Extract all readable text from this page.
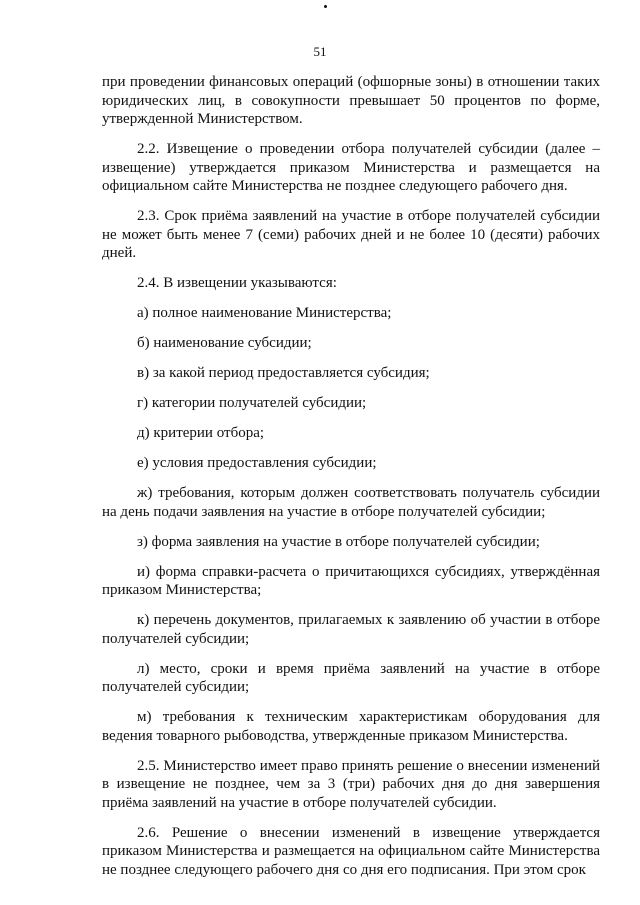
51

при проведении финансовых операций (офшорные зоны) в отношении таких юридических лиц, в совокупности превышает 50 процентов по форме, утвержденной Министерством.

2.2. Извещение о проведении отбора получателей субсидии (далее – извещение) утверждается приказом Министерства и размещается на официальном сайте Министерства не позднее следующего рабочего дня.

2.3. Срок приёма заявлений на участие в отборе получателей субсидии не может быть менее 7 (семи) рабочих дней и не более 10 (десяти) рабочих дней.

2.4. В извещении указываются:

а) полное наименование Министерства;

б) наименование субсидии;

в) за какой период предоставляется субсидия;

г) категории получателей субсидии;

д) критерии отбора;

е) условия предоставления субсидии;

ж) требования, которым должен соответствовать получатель субсидии на день подачи заявления на участие в отборе получателей субсидии;

з) форма заявления на участие в отборе получателей субсидии;

и) форма справки-расчета о причитающихся субсидиях, утверждённая приказом Министерства;

к) перечень документов, прилагаемых к заявлению об участии в отборе получателей субсидии;

л) место, сроки и время приёма заявлений на участие в отборе получателей субсидии;

м) требования к техническим характеристикам оборудования для ведения товарного рыбоводства, утвержденные приказом Министерства.

2.5. Министерство имеет право принять решение о внесении изменений в извещение не позднее, чем за 3 (три) рабочих дня до дня завершения приёма заявлений на участие в отборе получателей субсидии.

2.6. Решение о внесении изменений в извещение утверждается приказом Министерства и размещается на официальном сайте Министерства не позднее следующего рабочего дня со дня его подписания. При этом срок
